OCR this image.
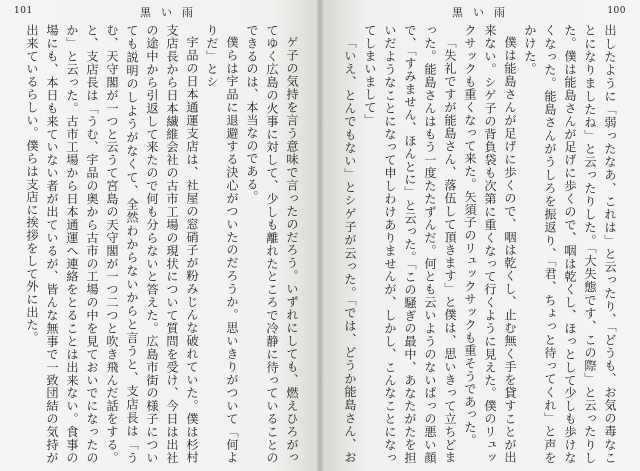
101	黒い雨

ゲ子の気持を言う意味で言ったのだろう。いずれにしても、燃えひろがってゆく広島の火事に対して、少しも離れたところで冷静に待っていることのできるのは、本当なのである。

僕らは宇品に退避する決心がついたのだろうか。思いきりがついて「何よりだ」とシ

宇品の日本通運支店は、社屋の窓硝子が粉みじんな破れていた。僕は杉村支店長から日本繊維会社の古市工場の現状について質問を受け、今日は出社の途中から引返して来たので何も分らないと答えた。広島市街の様子についても説明のしようがなくて、全然わからないからと言うと、支店長は「うむ、天守閣が一つと云うて宮島の天守閣が一つ二つと吹き飛んだ話をする。と、支店長は「うむ、宇品の奥から古市の工場の中を見ておいでになったのか」と云った。古市工場から日本通運へ連絡をとることは出来ない。食事の場にも、本日も来ていない者が出ているが、皆んな無事で一致団結の気持が出来ているらしい。僕らは支店に挨拶をして外に出た。

100
黒い雨

出したように「弱ったなあ、これは」と云ったり、「どうも、お気の毒なことになりましたね」と云ったりした。「大失態です、この際」と云ったりした。僕は能島さんが足げに歩くので、咽は乾くし、ほっとして少しも歩けなくなった。能島さんがうしろを振返り、「君、ちょっと待ってくれ」と声をかけた。

僕は能島さんが足げに歩くので、咽は乾くし、止む無く手を貸すことが出来ない。シゲ子の背負袋も次第に重くなって行くように見えた。僕のリュックサックも重くなって来た。矢須子のリュックサックも重そうであった。

「失礼ですが能島さん、落伍して頂きます」と僕は、思いきって立ちどまった。能島さんはもう一度たたずんだ。何とも云いようのないぱっの悪い顔で、「すみません、ほんとに」と云った。「この騒ぎの最中、あなたがたを担いだようなことになって申しわけありませんが、しかし、こんなことになってしまいまして」

「いえ、とんでもない」とシゲ子が云った。「では、どうか能島さん、お
